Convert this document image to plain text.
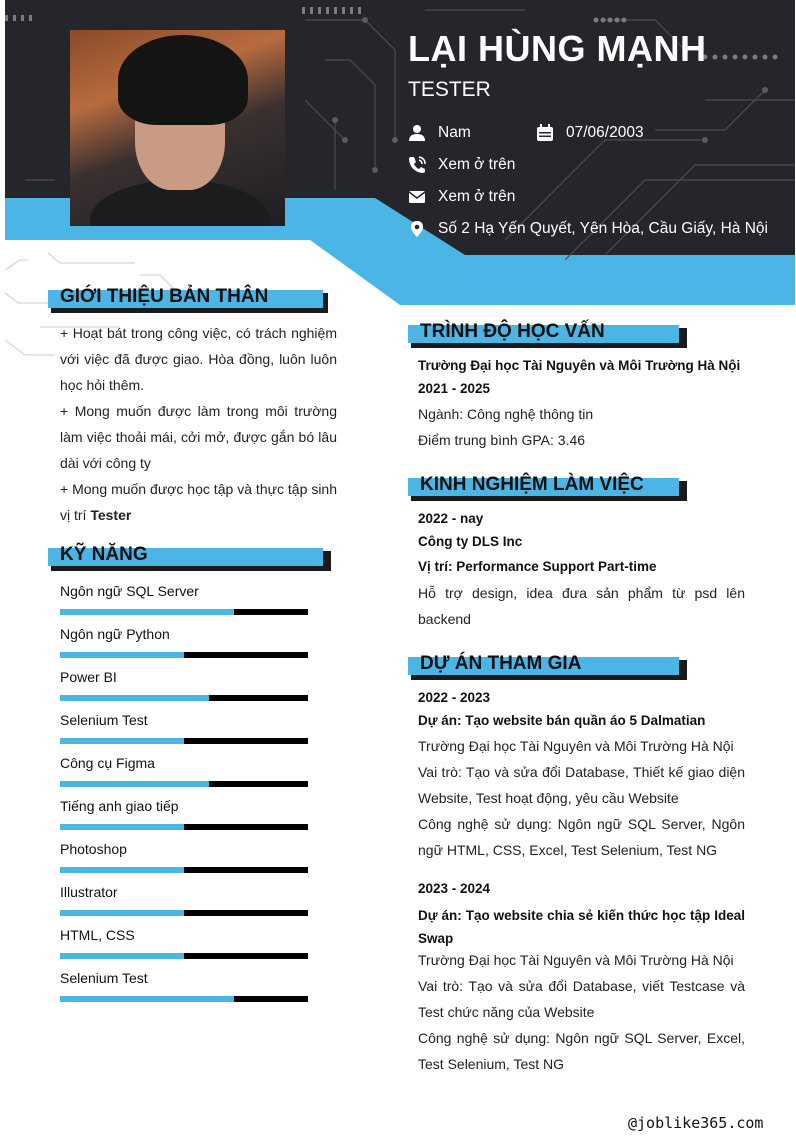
LẠI HÙNG MẠNH
TESTER
Nam	07/06/2003
Xem ở trên
Xem ở trên
Số 2 Hạ Yến Quyết, Yên Hòa, Cầu Giấy, Hà Nội
GIỚI THIỆU BẢN THÂN

+ Hoạt bát trong công việc, có trách nghiệm với việc đã được giao. Hòa đồng, luôn luôn học hỏi thêm.

+ Mong muốn được làm trong môi trường làm việc thoải mái, cởi mở, được gắn bó lâu dài với công ty

+ Mong muốn được học tập và thực tập sinh vị trí Tester

KỸ NĂNG
Ngôn ngữ SQL Server
Ngôn ngữ Python
Power BI
Selenium Test
Công cụ Figma
Tiếng anh giao tiếp
Photoshop
Illustrator
HTML, CSS
Selenium Test
TRÌNH ĐỘ HỌC VẤN
Trường Đại học Tài Nguyên và Môi Trường Hà Nội
2021 - 2025
Ngành: Công nghệ thông tin
Điểm trung bình GPA: 3.46
KINH NGHIỆM LÀM VIỆC
2022 - nay
Công ty DLS Inc
Vị trí: Performance Support Part-time
Hỗ trợ design, idea đưa sản phẩm từ psd lên backend
DỰ ÁN THAM GIA
2022 - 2023
Dự án: Tạo website bán quần áo 5 Dalmatian
Trường Đại học Tài Nguyên và Môi Trường Hà Nội
Vai trò: Tạo và sửa đổi Database, Thiết kế giao diện Website, Test hoạt động, yêu cầu Website
Công nghệ sử dụng: Ngôn ngữ SQL Server, Ngôn ngữ HTML, CSS, Excel, Test Selenium, Test NG
2023 - 2024
Dự án: Tạo website chia sẻ kiến thức học tập Ideal Swap
Trường Đại học Tài Nguyên và Môi Trường Hà Nội
Vai trò: Tạo và sửa đổi Database, viết Testcase và Test chức năng của Website
Công nghệ sử dụng: Ngôn ngữ SQL Server, Excel, Test Selenium, Test NG
@joblike365.com
